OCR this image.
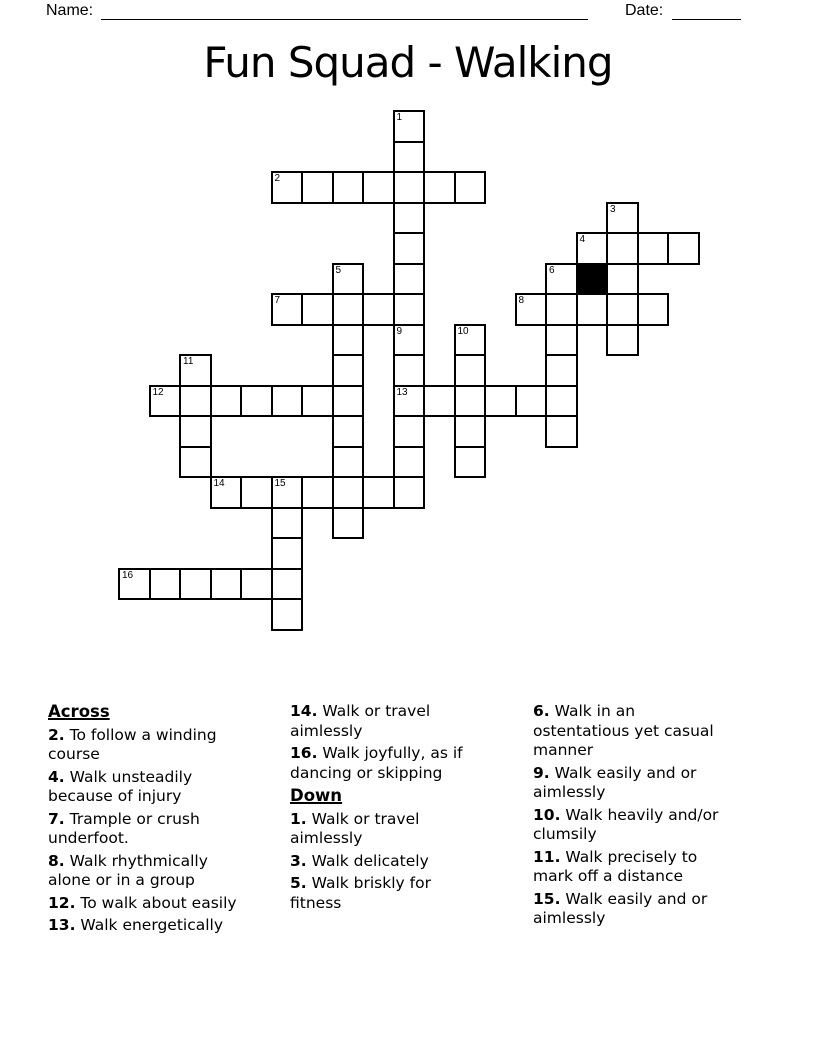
Name:	Date:
Fun Squad - Walking
1
2
3
4
5	6
7	8
9
13
10
11
12
14	15
16

Across

2. To follow a winding course

4. Walk unsteadily because of injury

7. Trample or crush underfoot.

8. Walk rhythmically alone or in a group

12. To walk about easily

13. Walk energetically

14. Walk or travel aimlessly

16. Walk joyfully, as if dancing or skipping

Down

1. Walk or travel aimlessly

3. Walk delicately

5. Walk briskly for fitness

6. Walk in an ostentatious yet casual manner

9. Walk easily and or aimlessly

10. Walk heavily and/or clumsily

11. Walk precisely to mark off a distance

15. Walk easily and or aimlessly
